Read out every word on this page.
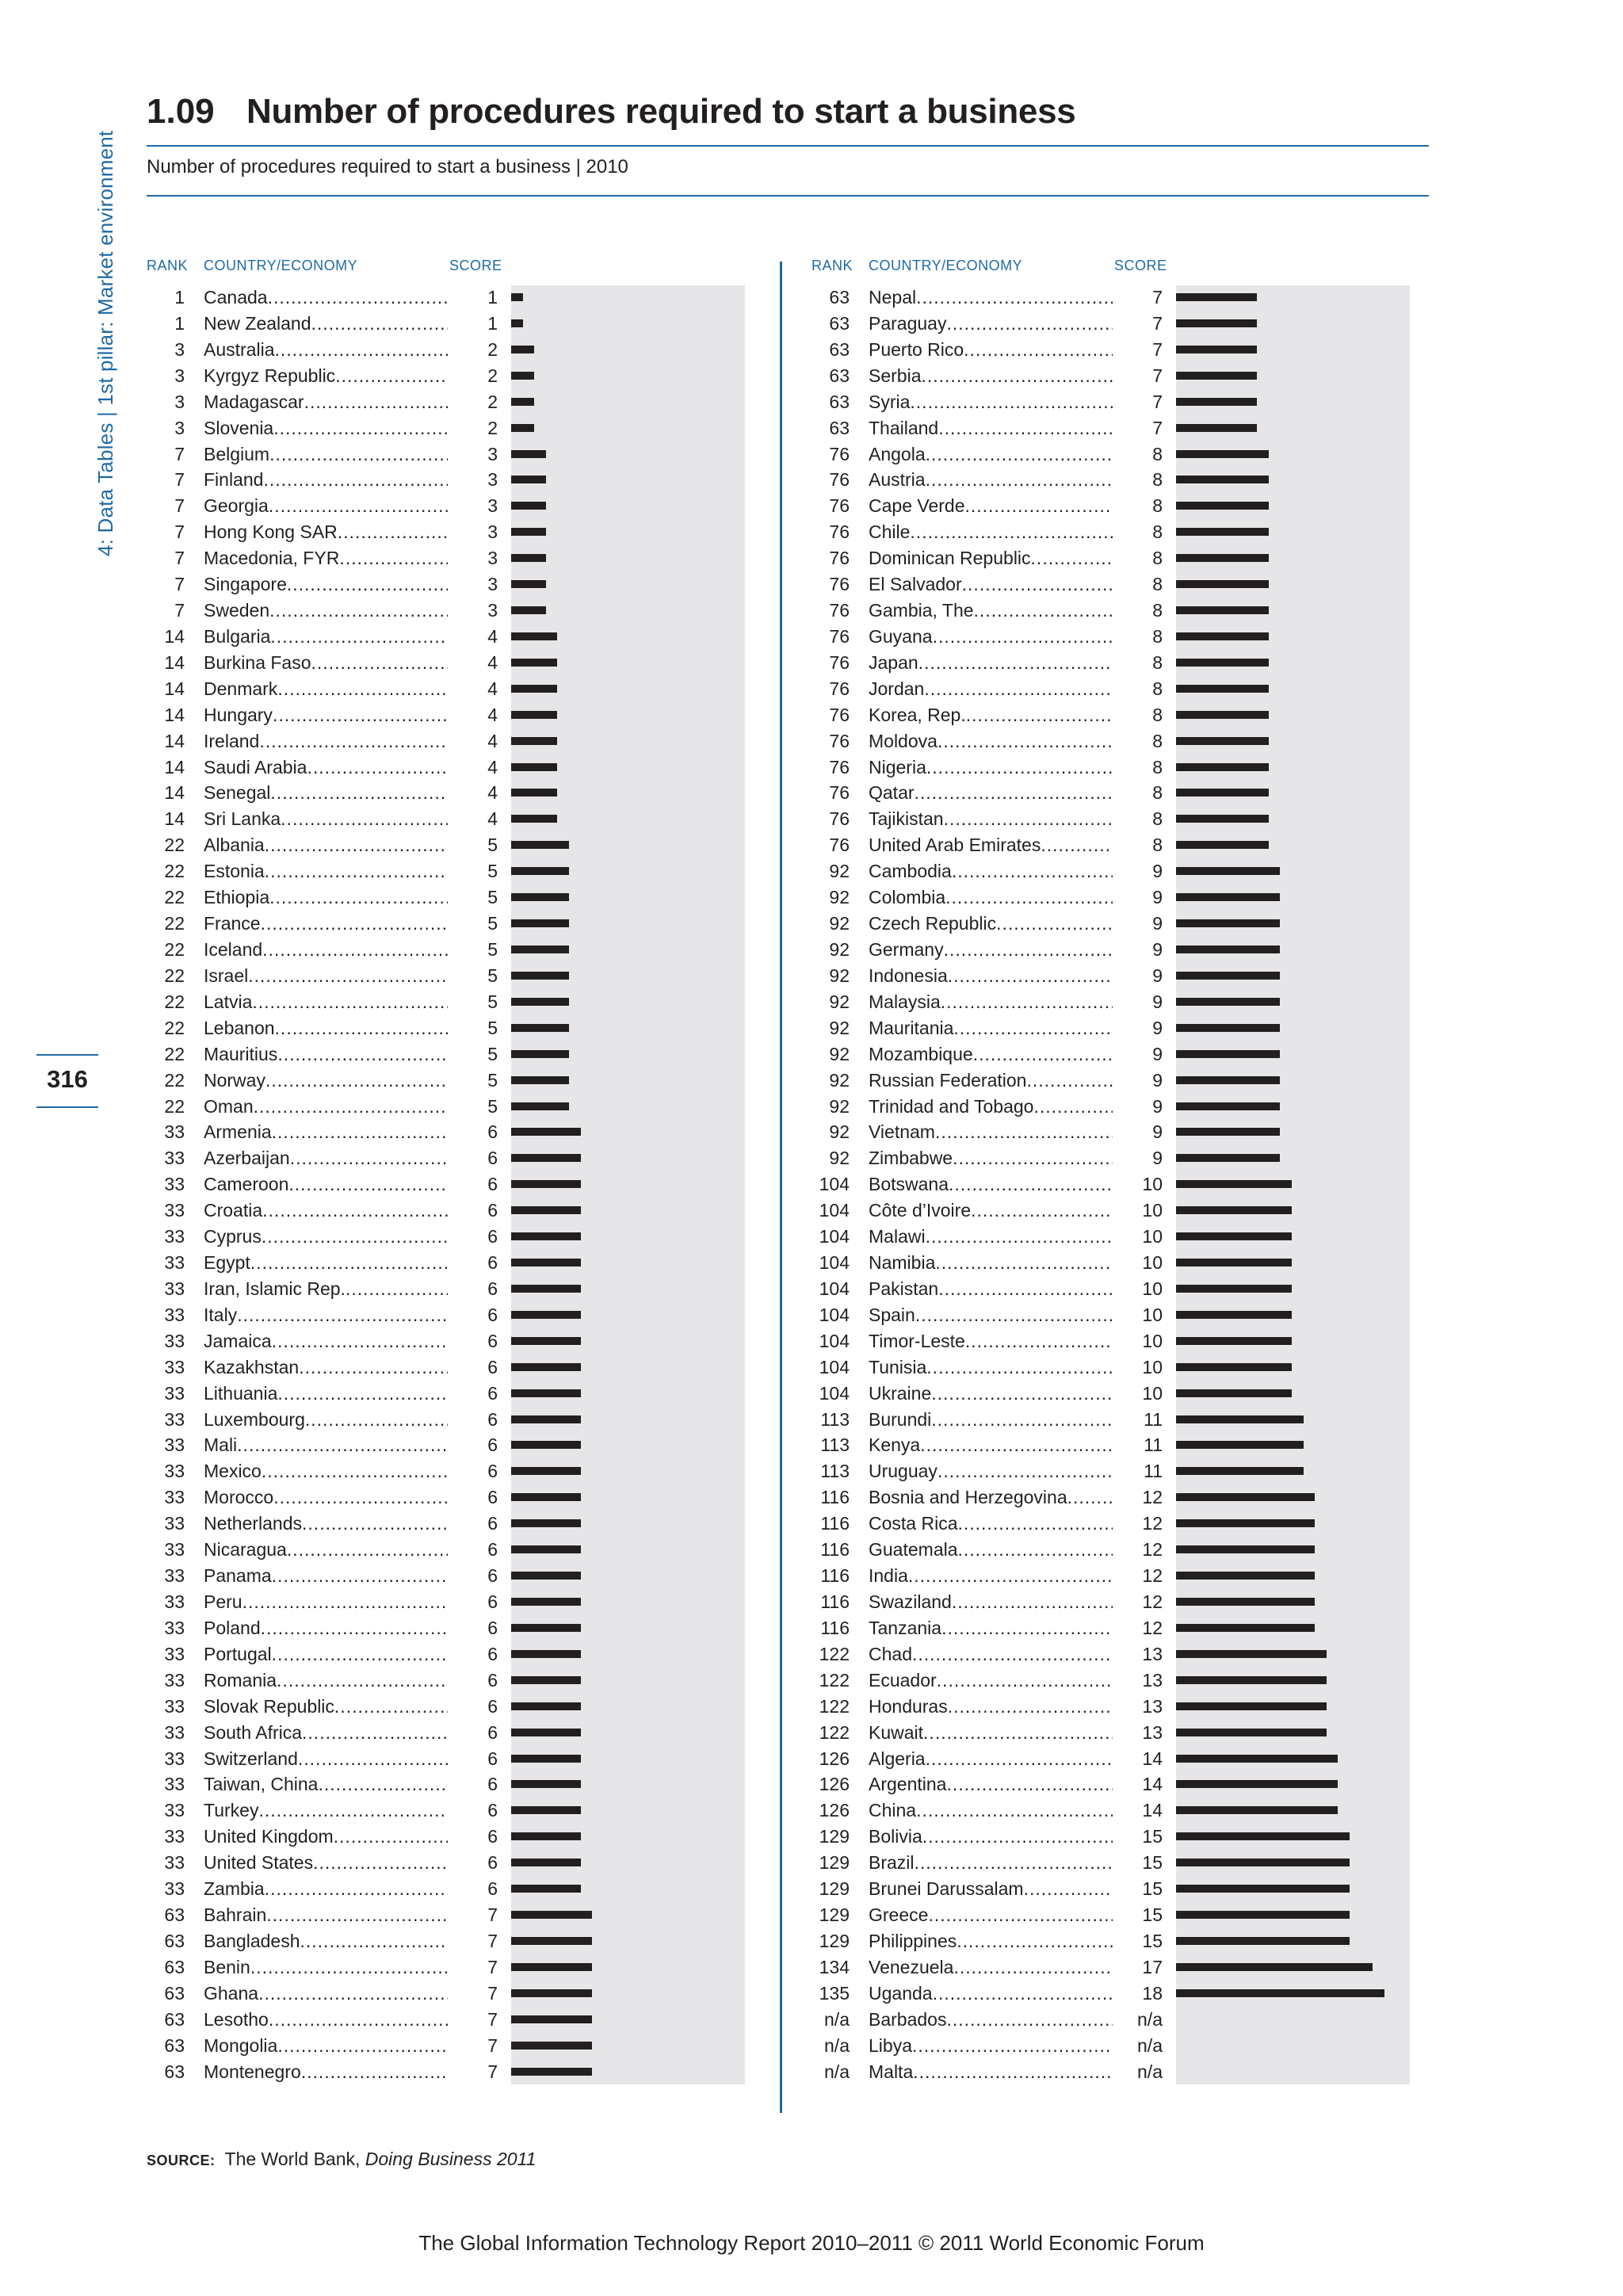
4: Data Tables | 1st pillar: Market environment
316
1.09 Number of procedures required to start a business
Number of procedures required to start a business | 2010
RANK COUNTRY/ECONOMY	SCORE	RANK COUNTRY/ECONOMY	SCORE
1 Canada .....	1
1 New Zealand .....	1
3 Australia .....	2
3 Kyrgyz Republic .....	2
3 Madagascar .....	2
3 Slovenia .....	2
7 Belgium .....	3
7 Finland .....	3
7 Georgia .....	3
7 Hong Kong SAR .....	3
7 Macedonia, FYR .....	3
7 Singapore .....	3
7 Sweden .....	3
14 Bulgaria .....	4
14 Burkina Faso .....	4
14 Denmark .....	4
14 Hungary .....	4
14 Ireland .....	4
14 Saudi Arabia .....	4
14 Senegal .....	4
14 Sri Lanka .....	4
22 Albania .....	5
22 Estonia .....	5
22 Ethiopia .....	5
22 France .....	5
22 Iceland .....	5
22 Israel .....	5
22 Latvia .....	5
22 Lebanon .....	5
22 Mauritius .....	5
22 Norway .....	5
22 Oman .....	5
33 Armenia .....	6
33 Azerbaijan .....	6
33 Cameroon .....	6
33 Croatia .....	6
33 Cyprus .....	6
33 Egypt .....	6
33 Iran, Islamic Rep. .....	6
33 Italy .....	6
33 Jamaica .....	6
33 Kazakhstan .....	6
33 Lithuania .....	6
33 Luxembourg .....	6
33 Mali .....	6
33 Mexico .....	6
33 Morocco .....	6
33 Netherlands .....	6
33 Nicaragua .....	6
33 Panama .....	6
33 Peru .....	6
33 Poland .....	6
33 Portugal .....	6
33 Romania .....	6
33 Slovak Republic .....	6
33 South Africa .....	6
33 Switzerland .....	6
33 Taiwan, China .....	6
33 Turkey .....	6
33 United Kingdom .....	6
33 United States .....	6
33 Zambia .....	6
63 Bahrain .....	7
63 Bangladesh .....	7
63 Benin .....	7
63 Ghana .....	7
63 Lesotho .....	7
63 Mongolia .....	7
63 Montenegro .....	7
63 Nepal .....	7
63 Paraguay .....	7
63 Puerto Rico .....	7
63 Serbia .....	7
63 Syria .....	7
63 Thailand .....	7
76 Angola .....	8
76 Austria .....	8
76 Cape Verde .....	8
76 Chile .....	8
76 Dominican Republic .....	8
76 El Salvador .....	8
76 Gambia, The .....	8
76 Guyana .....	8
76 Japan .....	8
76 Jordan .....	8
76 Korea, Rep. .....	8
76 Moldova .....	8
76 Nigeria .....	8
76 Qatar .....	8
76 Tajikistan .....	8
76 United Arab Emirates .....	8
92 Cambodia .....	9
92 Colombia .....	9
92 Czech Republic .....	9
92 Germany .....	9
92 Indonesia .....	9
92 Malaysia .....	9
92 Mauritania .....	9
92 Mozambique .....	9
92 Russian Federation .....	9
92 Trinidad and Tobago .....	9
92 Vietnam .....	9
92 Zimbabwe .....	9
104 Botswana .....	10
104 Côte d’Ivoire .....	10
104 Malawi .....	10
104 Namibia .....	10
104 Pakistan .....	10
104 Spain .....	10
104 Timor-Leste .....	10
104 Tunisia .....	10
104 Ukraine .....	10
113 Burundi .....	11
113 Kenya .....	11
113 Uruguay .....	11
116 Bosnia and Herzegovina .....	12
116 Costa Rica .....	12
116 Guatemala .....	12
116 India .....	12
116 Swaziland .....	12
116 Tanzania .....	12
122 Chad .....	13
122 Ecuador .....	13
122 Honduras .....	13
122 Kuwait .....	13
126 Algeria .....	14
126 Argentina .....	14
126 China .....	14
129 Bolivia .....	15
129 Brazil .....	15
129 Brunei Darussalam .....	15
129 Greece .....	15
129 Philippines .....	15
134 Venezuela .....	17
135 Uganda .....	18
n/a Barbados .....	n/a
n/a Libya .....	n/a
n/a Malta .....	n/a
SOURCE: The World Bank, Doing Business 2011
The Global Information Technology Report 2010–2011 © 2011 World Economic Forum
